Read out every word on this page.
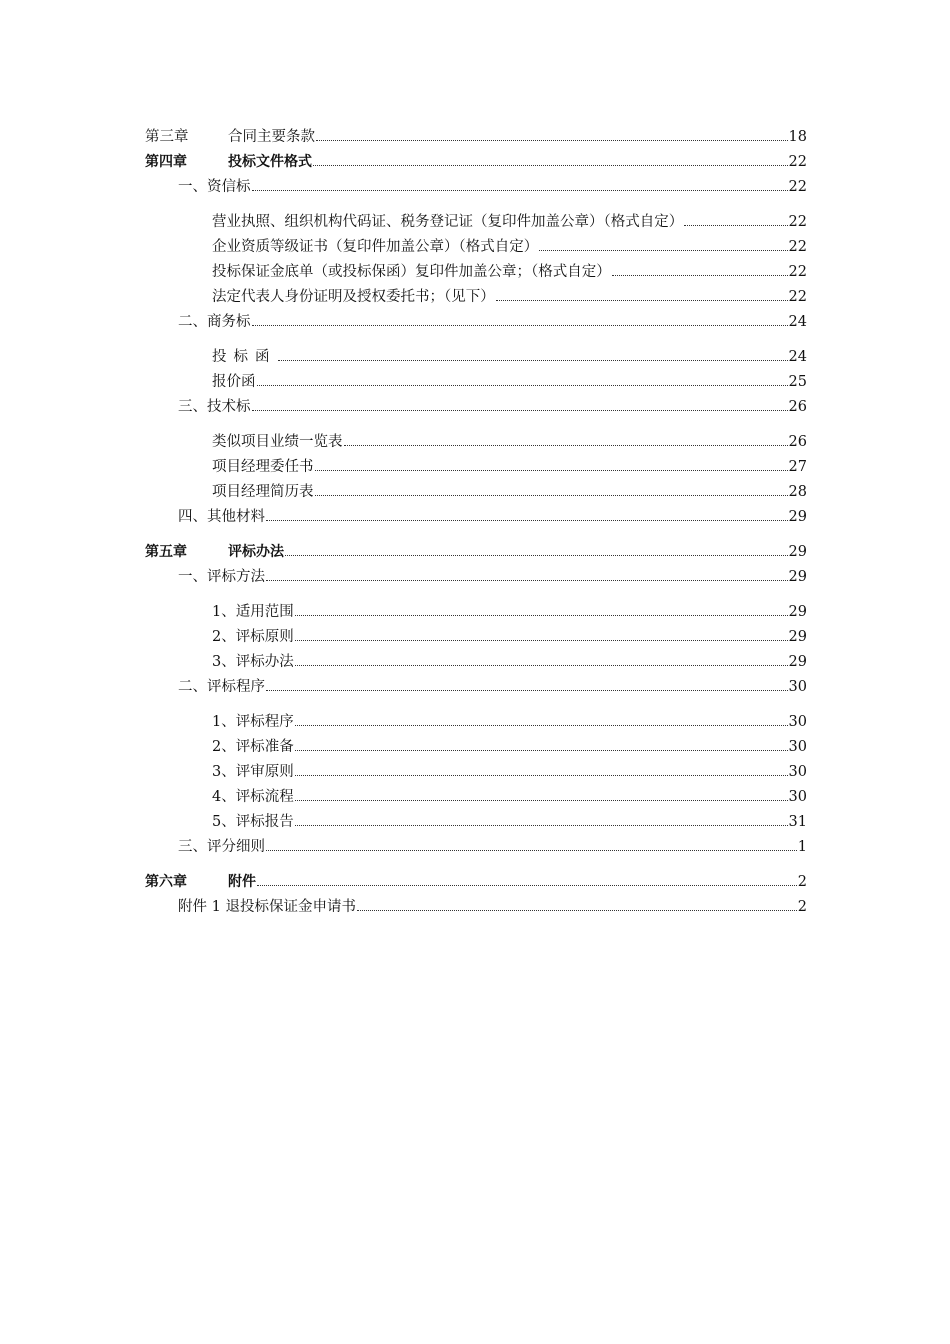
第三章	合同主要条款	18
第四章	投标文件格式	22
一、资信标	22
营业执照、组织机构代码证、税务登记证（复印件加盖公章）（格式自定）	22
企业资质等级证书（复印件加盖公章）（格式自定）	22
投标保证金底单（或投标保函）复印件加盖公章；（格式自定）	22
法定代表人身份证明及授权委托书；（见下）	22
二、商务标	24
投标函	24
报价函	25
三、技术标	26
类似项目业绩一览表	26
项目经理委任书	27
项目经理简历表	28
四、其他材料	29
第五章	评标办法	29
一、评标方法	29
1、适用范围	29
2、评标原则	29
3、评标办法	29
二、评标程序	30
1、评标程序	30
2、评标准备	30
3、评审原则	30
4、评标流程	30
5、评标报告	31
三、评分细则	1
第六章	附件	2
附件 1 退投标保证金申请书	2
